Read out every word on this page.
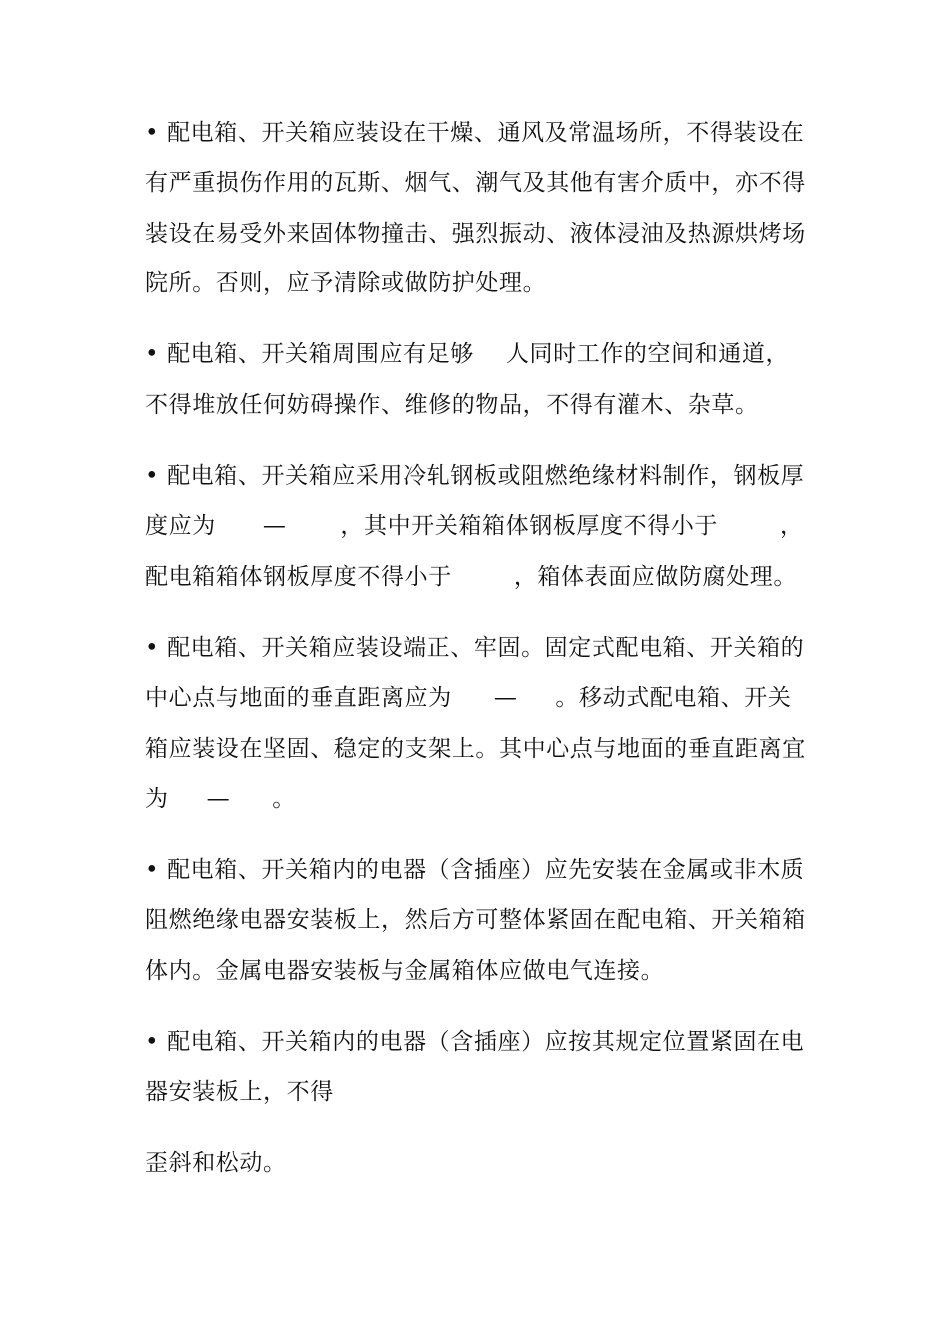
• 配电箱、开关箱应装设在干燥、通风及常温场所，不得装设在
有严重损伤作用的瓦斯、烟气、潮气及其他有害介质中，亦不得
装设在易受外来固体物撞击、强烈振动、液体浸油及热源烘烤场
院所。否则，应予清除或做防护处理。
• 配电箱、开关箱周围应有足够 人同时工作的空间和通道，
不得堆放任何妨碍操作、维修的物品，不得有灌木、杂草。
• 配电箱、开关箱应采用冷轧钢板或阻燃绝缘材料制作，钢板厚
度应为 — ，其中开关箱箱体钢板厚度不得小于	，
配电箱箱体钢板厚度不得小于	，箱体表面应做防腐处理。
• 配电箱、开关箱应装设端正、牢固。固定式配电箱、开关箱的
中心点与地面的垂直距离应为 — 。移动式配电箱、开关
箱应装设在坚固、稳定的支架上。其中心点与地面的垂直距离宜
为 — 。
• 配电箱、开关箱内的电器（含插座）应先安装在金属或非木质
阻燃绝缘电器安装板上，然后方可整体紧固在配电箱、开关箱箱
体内。金属电器安装板与金属箱体应做电气连接。
• 配电箱、开关箱内的电器（含插座）应按其规定位置紧固在电
器安装板上，不得
歪斜和松动。
